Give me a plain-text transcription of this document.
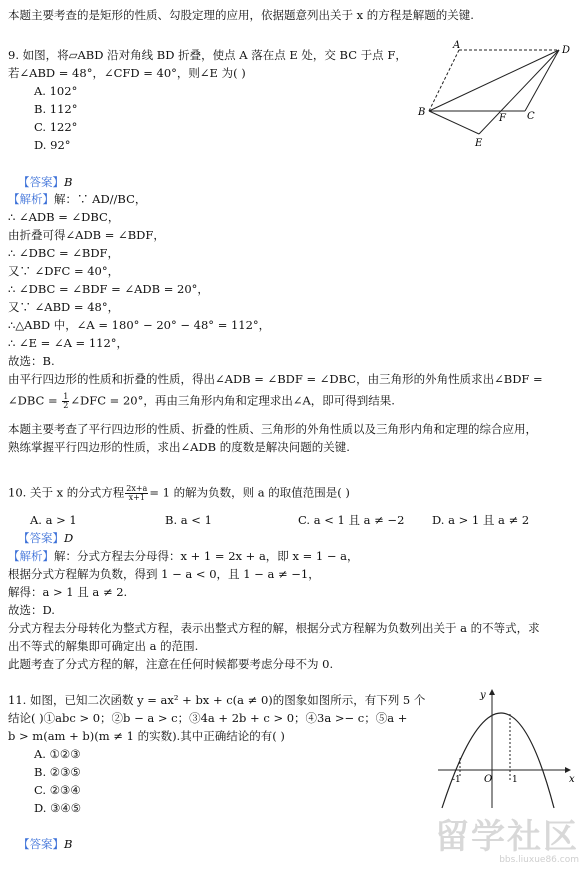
本题主要考查的是矩形的性质、勾股定理的应用，依据题意列出关于 x 的方程是解题的关键.
9. 如图，将▱ABD 沿对角线 BD 折叠，使点 A 落在点 E 处，交 BC 于点 F，
若∠ABD = 48°，∠CFD = 40°，则∠E 为( )
A. 102°
B. 112°
C. 122°
D. 92°
A	D
B
F C
E
【答案】B
【解析】解：∵ AD//BC，
∴ ∠ADB = ∠DBC，
由折叠可得∠ADB = ∠BDF，
∴ ∠DBC = ∠BDF，
又∵ ∠DFC = 40°，
∴ ∠DBC = ∠BDF = ∠ADB = 20°，
又∵ ∠ABD = 48°，
∴△ABD 中，∠A = 180° − 20° − 48° = 112°，
∴ ∠E = ∠A = 112°，
故选：B.
由平行四边形的性质和折叠的性质，得出∠ADB = ∠BDF = ∠DBC，由三角形的外角性质求出∠BDF =
∠DBC = $\frac{1}{2}$ ∠DFC = 20°，再由三角形内角和定理求出∠A，即可得到结果.
本题主要考查了平行四边形的性质、折叠的性质、三角形的外角性质以及三角形内角和定理的综合应用，
熟练掌握平行四边形的性质，求出∠ADB 的度数是解决问题的关键.
10. 关于 x 的分式方程 $\frac{2x+a}{x+1} = 1$ 的解为负数，则 a 的取值范围是( )
A. a > 1	B. a < 1	C. a < 1 且 a ≠ −2 D. a > 1 且 a ≠ 2
【答案】D
【解析】解：分式方程去分母得：x + 1 = 2x + a，即 x = 1 − a，
根据分式方程解为负数，得到 1 − a < 0，且 1 − a ≠ −1，
解得：a > 1 且 a ≠ 2.
故选：D.
分式方程去分母转化为整式方程，表示出整式方程的解，根据分式方程解为负数列出关于 a 的不等式，求
出不等式的解集即可确定出 a 的范围.
此题考查了分式方程的解，注意在任何时候都要考虑分母不为 0.
11. 如图，已知二次函数 y = ax² + bx + c(a ≠ 0)的图象如图所示，有下列 5 个
结论( )①abc > 0；②b − a > c；③4a + 2b + c > 0；④3a >− c；⑤a +
b > m(am + b)(m ≠ 1 的实数).其中正确结论的有( )
A. ①②③
B. ②③⑤
C. ②③④
D. ③④⑤
y
x
O
-1	1
【答案】B	留学社区
bbs.liuxue86.com
